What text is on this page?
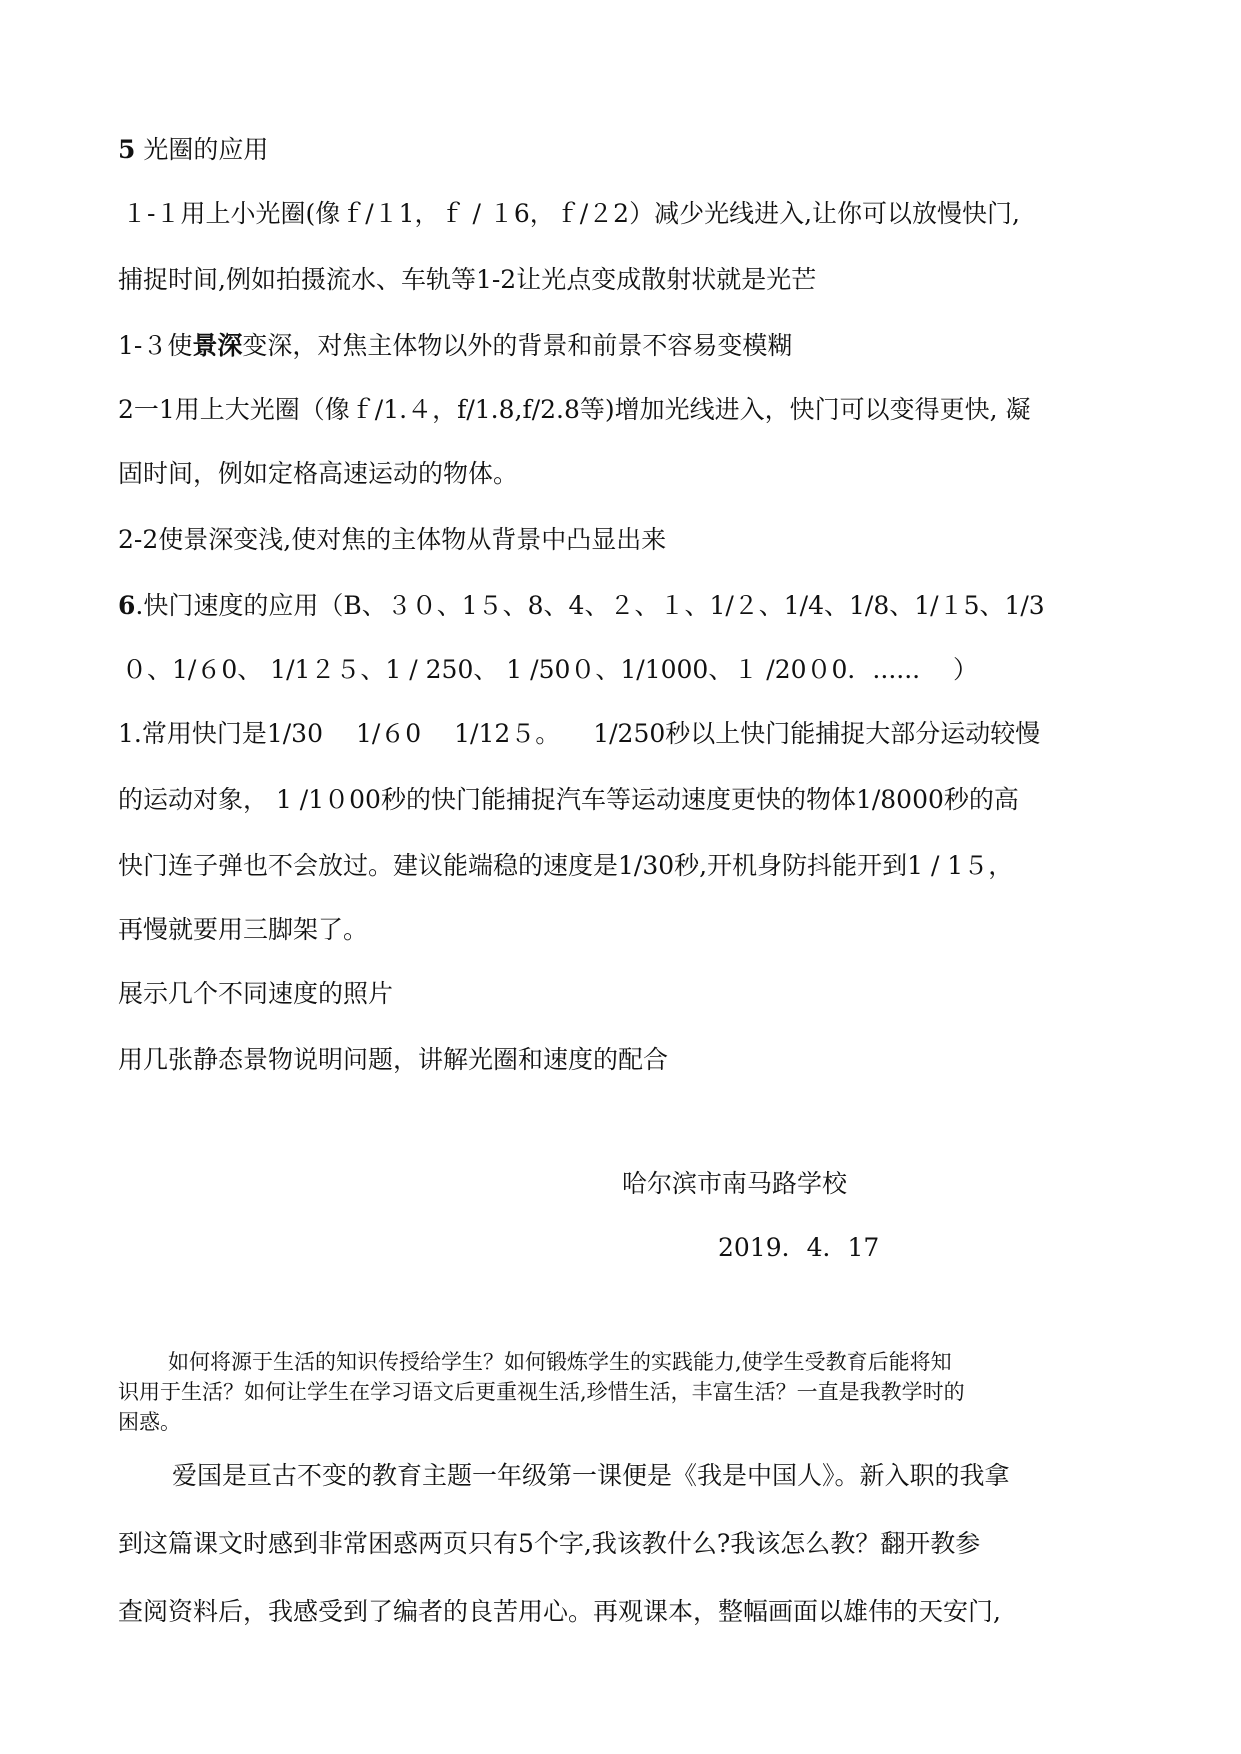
5 光圈的应用
１-１用上小光圈(像ｆ/１1，ｆ / １6，ｆ/２2）减少光线进入,让你可以放慢快门,
捕捉时间,例如拍摄流水、车轨等1-2让光点变成散射状就是光芒
1-３使景深变深，对焦主体物以外的背景和前景不容易变模糊
2一1用上大光圈（像ｆ/1.４，f/1.8,f/2.8等)增加光线进入，快门可以变得更快, 凝
固时间，例如定格高速运动的物体。
2-2使景深变浅,使对焦的主体物从背景中凸显出来
6.快门速度的应用（B、３０、1５、8、4、２、１、1/２、1/4、1/8、1/１5、1/3
０、1/６0、 1/1２５、1 / 250、 1 /50０、1/1000、１ /20０0．......　 ）
1.常用快门是1/30 　1/６0 　1/12５。 　1/250秒以上快门能捕捉大部分运动较慢
的运动对象， 1 /1０00秒的快门能捕捉汽车等运动速度更快的物体1/8000秒的高
快门连子弹也不会放过。建议能端稳的速度是1/30秒,开机身防抖能开到1 / 1５，
再慢就要用三脚架了。
展示几个不同速度的照片
用几张静态景物说明问题，讲解光圈和速度的配合
哈尔滨市南马路学校
2019．4．17
如何将源于生活的知识传授给学生？如何锻炼学生的实践能力,使学生受教育后能将知
识用于生活？如何让学生在学习语文后更重视生活,珍惜生活，丰富生活？一直是我教学时的
困惑。
爱国是亘古不变的教育主题一年级第一课便是《我是中国人》。新入职的我拿
到这篇课文时感到非常困惑两页只有5个字,我该教什么?我该怎么教？翻开教参
查阅资料后，我感受到了编者的良苦用心。再观课本，整幅画面以雄伟的天安门,
